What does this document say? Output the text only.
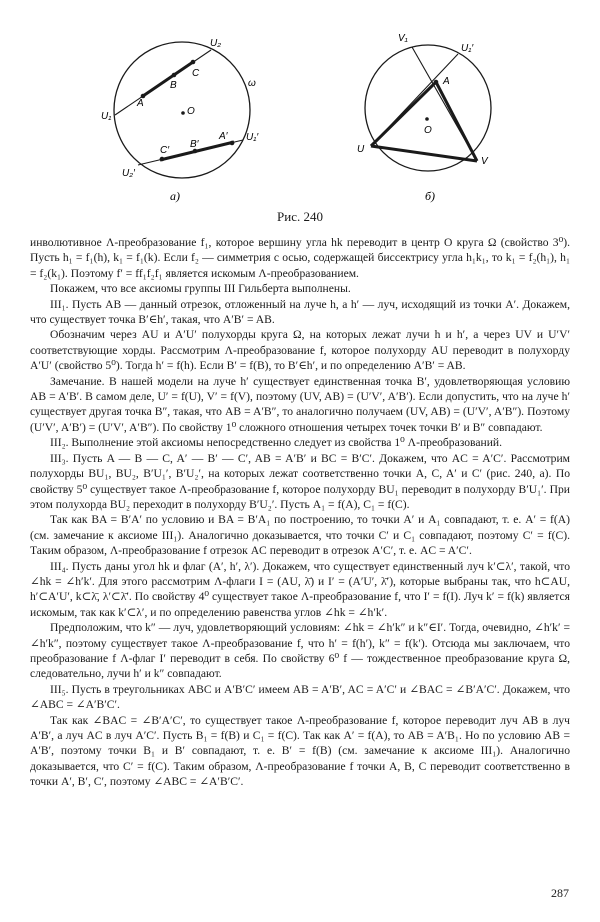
U₁
U₂
A
B
C
O
ω
U₁′
U₂′
C′
B′
A′
а)
V₁
U₁′
A
O
U
V
б)
Рис. 240

инволютивное Λ-преобразование f₁, которое вершину угла hk переводит в центр O круга Ω (свойство 3⁰). Пусть h₁ = f₁(h), k₁ = f₁(k). Если f₂ — симметрия с осью, содержащей биссектрису угла h₁k₁, то k₁ = f₂(h₁), h₁ = f₂(k₁). Поэтому f′ = ff₁f₂f₁ является искомым Λ-преобразованием.

Покажем, что все аксиомы группы III Гильберта выполнены.

III₁. Пусть AB — данный отрезок, отложенный на луче h, а h′ — луч, исходящий из точки A′. Докажем, что существует точка B′∈h′, такая, что A′B′ = AB.

Обозначим через AU и A′U′ полухорды круга Ω, на которых лежат лучи h и h′, а через UV и U′V′ соответствующие хорды. Рассмотрим Λ-преобразование f, которое полухорду AU переводит в полухорду A′U′ (свойство 5⁰). Тогда h′ = f(h). Если B′ = f(B), то B′∈h′, и по определению A′B′ = AB.

Замечание. В нашей модели на луче h′ существует единственная точка B′, удовлетворяющая условию AB = A′B′. В самом деле, U′ = f(U), V′ = f(V), поэтому (UV, AB) = (U′V′, A′B′). Если допустить, что на луче h′ существует другая точка B″, такая, что AB = A′B″, то аналогично получаем (UV, AB) = (U′V′, A′B″). Поэтому (U′V′, A′B′) = (U′V′, A′B″). По свойству 1⁰ сложного отношения четырех точек точки B′ и B″ совпадают.

III₂. Выполнение этой аксиомы непосредственно следует из свойства 1⁰ Λ-преобразований.

III₃. Пусть A — B — C, A′ — B′ — C′, AB = A′B′ и BC = B′C′. Докажем, что AC = A′C′. Рассмотрим полухорды BU₁, BU₂, B′U₁′, B′U₂′, на которых лежат соответственно точки A, C, A′ и C′ (рис. 240, а). По свойству 5⁰ существует такое Λ-преобразование f, которое полухорду BU₁ переводит в полухорду B′U₁′. При этом полухорда BU₂ переходит в полухорду B′U₂′. Пусть A₁ = f(A), C₁ = f(C).

Так как BA = B′A′ по условию и BA = B′A₁ по построению, то точки A′ и A₁ совпадают, т. е. A′ = f(A) (см. замечание к аксиоме III₁). Аналогично доказывается, что точки C′ и C₁ совпадают, поэтому C′ = f(C). Таким образом, Λ-преобразование f отрезок AC переводит в отрезок A′C′, т. е. AC = A′C′.

III₄. Пусть даны угол hk и флаг (A′, h′, λ′). Докажем, что существует единственный луч k′⊂λ′, такой, что ∠hk = ∠h′k′. Для этого рассмотрим Λ-флаги I = (AU, λ̄) и I′ = (A′U′, λ̄′), которые выбраны так, что h⊂AU, h′⊂A′U′, k⊂λ̄, λ′⊂λ̄′. По свойству 4⁰ существует такое Λ-преобразование f, что I′ = f(I). Луч k′ = f(k) является искомым, так как k′⊂λ′, и по определению равенства углов ∠hk = ∠h′k′.

Предположим, что k″ — луч, удовлетворяющий условиям: ∠hk = ∠h′k″ и k″∈I′. Тогда, очевидно, ∠h′k′ = ∠h′k″, поэтому существует такое Λ-преобразование f, что h′ = f(h′), k″ = f(k′). Отсюда мы заключаем, что преобразование f Λ-флаг I′ переводит в себя. По свойству 6⁰ f — тождественное преобразование круга Ω, следовательно, лучи h′ и k″ совпадают.

III₅. Пусть в треугольниках ABC и A′B′C′ имеем AB = A′B′, AC = A′C′ и ∠BAC = ∠B′A′C′. Докажем, что ∠ABC = ∠A′B′C′.

Так как ∠BAC = ∠B′A′C′, то существует такое Λ-преобразование f, которое переводит луч AB в луч A′B′, а луч AC в луч A′C′. Пусть B₁ = f(B) и C₁ = f(C). Так как A′ = f(A), то AB = A′B₁. Но по условию AB = A′B′, поэтому точки B₁ и B′ совпадают, т. е. B′ = f(B) (см. замечание к аксиоме III₁). Аналогично доказывается, что C′ = f(C). Таким образом, Λ-преобразование f точки A, B, C переводит соответственно в точки A′, B′, C′, поэтому ∠ABC = ∠A′B′C′.

287
